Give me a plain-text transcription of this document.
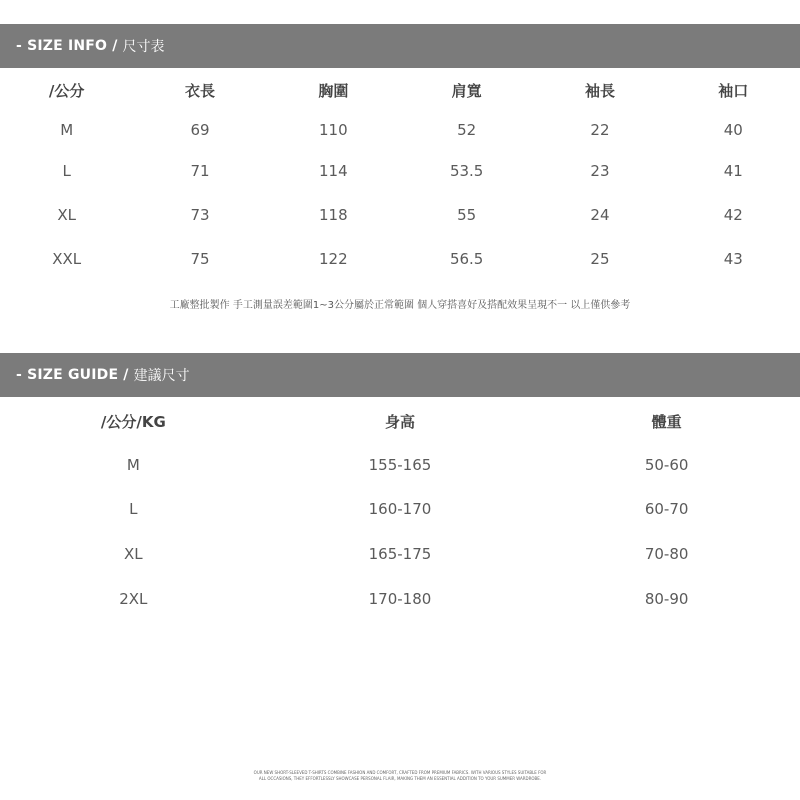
- SIZE INFO / 尺寸表
/公分	衣長	胸圍	肩寬	袖長	袖口
M	69	110	52	22	40
L	71	114	53.5	23	41
XL	73	118	55	24	42
XXL	75	122	56.5	25	43
工廠整批製作 手工測量誤差範圍1~3公分屬於正常範圍 個人穿搭喜好及搭配效果呈現不一 以上僅供參考
- SIZE GUIDE / 建議尺寸
/公分/KG	身高	體重
M	155-165	50-60
L	160-170	60-70
XL	165-175	70-80
2XL	170-180	80-90
OUR NEW SHORT-SLEEVED T-SHIRTS COMBINE FASHION AND COMFORT, CRAFTED FROM PREMIUM FABRICS. WITH VARIOUS STYLES SUITABLE FOR
ALL OCCASIONS, THEY EFFORTLESSLY SHOWCASE PERSONAL FLAIR, MAKING THEM AN ESSENTIAL ADDITION TO YOUR SUMMER WARDROBE.
